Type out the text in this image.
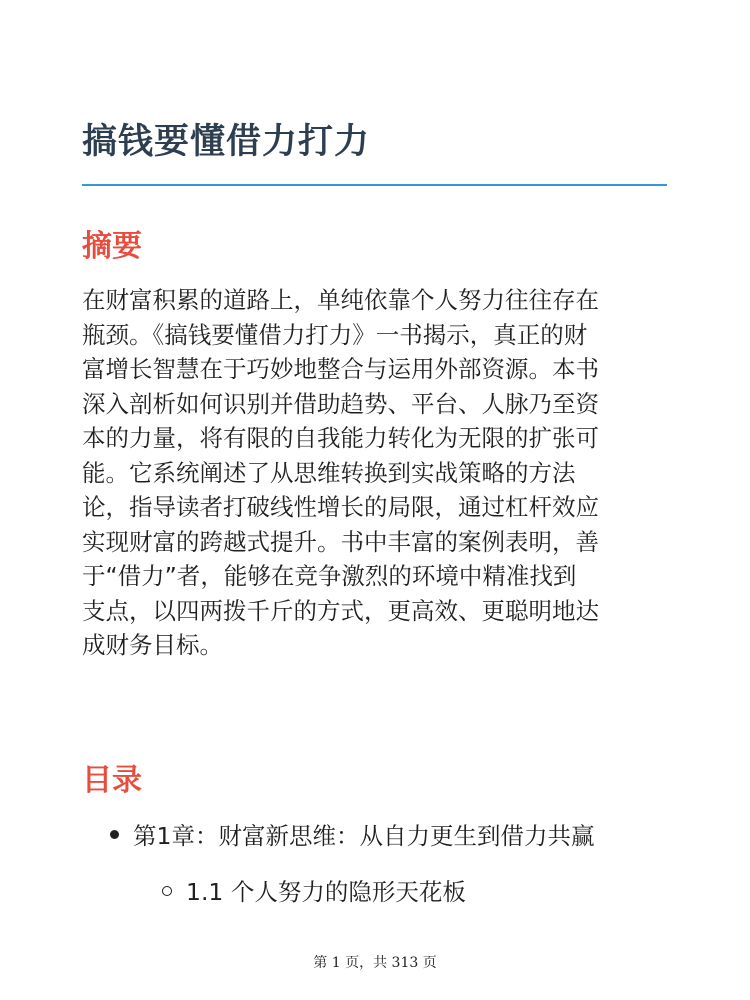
搞钱要懂借力打力
摘要

在财富积累的道路上，单纯依靠个人努力往往存在
瓶颈。《搞钱要懂借力打力》一书揭示，真正的财
富增长智慧在于巧妙地整合与运用外部资源。本书
深入剖析如何识别并借助趋势、平台、人脉乃至资
本的力量，将有限的自我能力转化为无限的扩张可
能。它系统阐述了从思维转换到实战策略的方法
论，指导读者打破线性增长的局限，通过杠杆效应
实现财富的跨越式提升。书中丰富的案例表明，善
于“借力”者，能够在竞争激烈的环境中精准找到
支点，以四两拨千斤的方式，更高效、更聪明地达
成财务目标。

目录
第1章：财富新思维：从自力更生到借力共赢
1.1 个人努力的隐形天花板
第 1 页，共 313 页
